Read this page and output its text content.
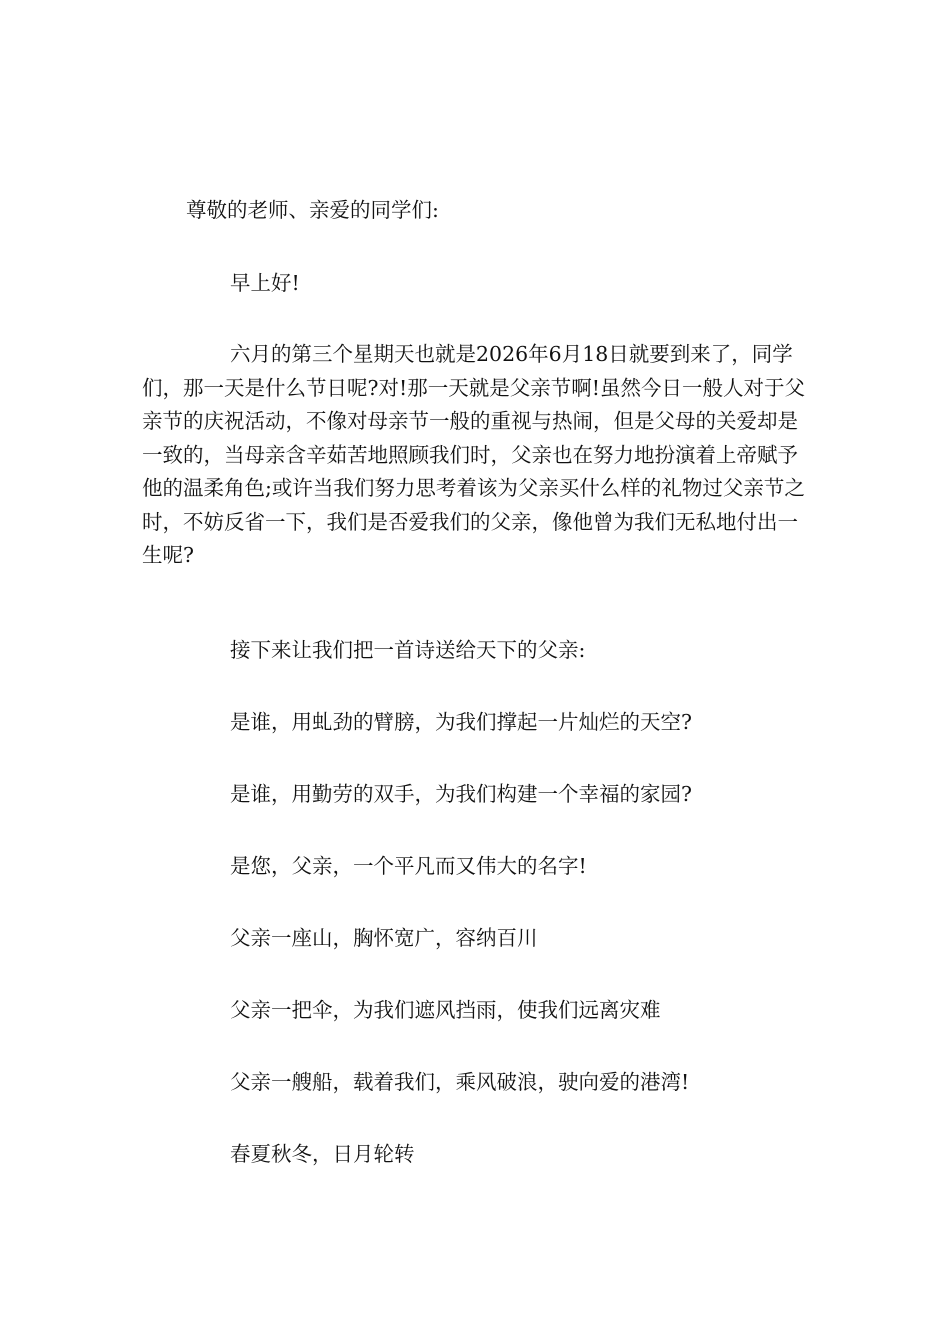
尊敬的老师、亲爱的同学们:
早上好!
六月的第三个星期天也就是2026年6月18日就要到来了，同学们，那一天是什么节日呢?对!那一天就是父亲节啊!虽然今日一般人对于父亲节的庆祝活动，不像对母亲节一般的重视与热闹，但是父母的关爱却是一致的，当母亲含辛茹苦地照顾我们时，父亲也在努力地扮演着上帝赋予他的温柔角色;或许当我们努力思考着该为父亲买什么样的礼物过父亲节之时，不妨反省一下，我们是否爱我们的父亲，像他曾为我们无私地付出一生呢?
接下来让我们把一首诗送给天下的父亲:
是谁，用虬劲的臂膀，为我们撑起一片灿烂的天空?
是谁，用勤劳的双手，为我们构建一个幸福的家园?
是您，父亲，一个平凡而又伟大的名字!
父亲一座山，胸怀宽广，容纳百川
父亲一把伞，为我们遮风挡雨，使我们远离灾难
父亲一艘船，载着我们，乘风破浪，驶向爱的港湾!
春夏秋冬，日月轮转
